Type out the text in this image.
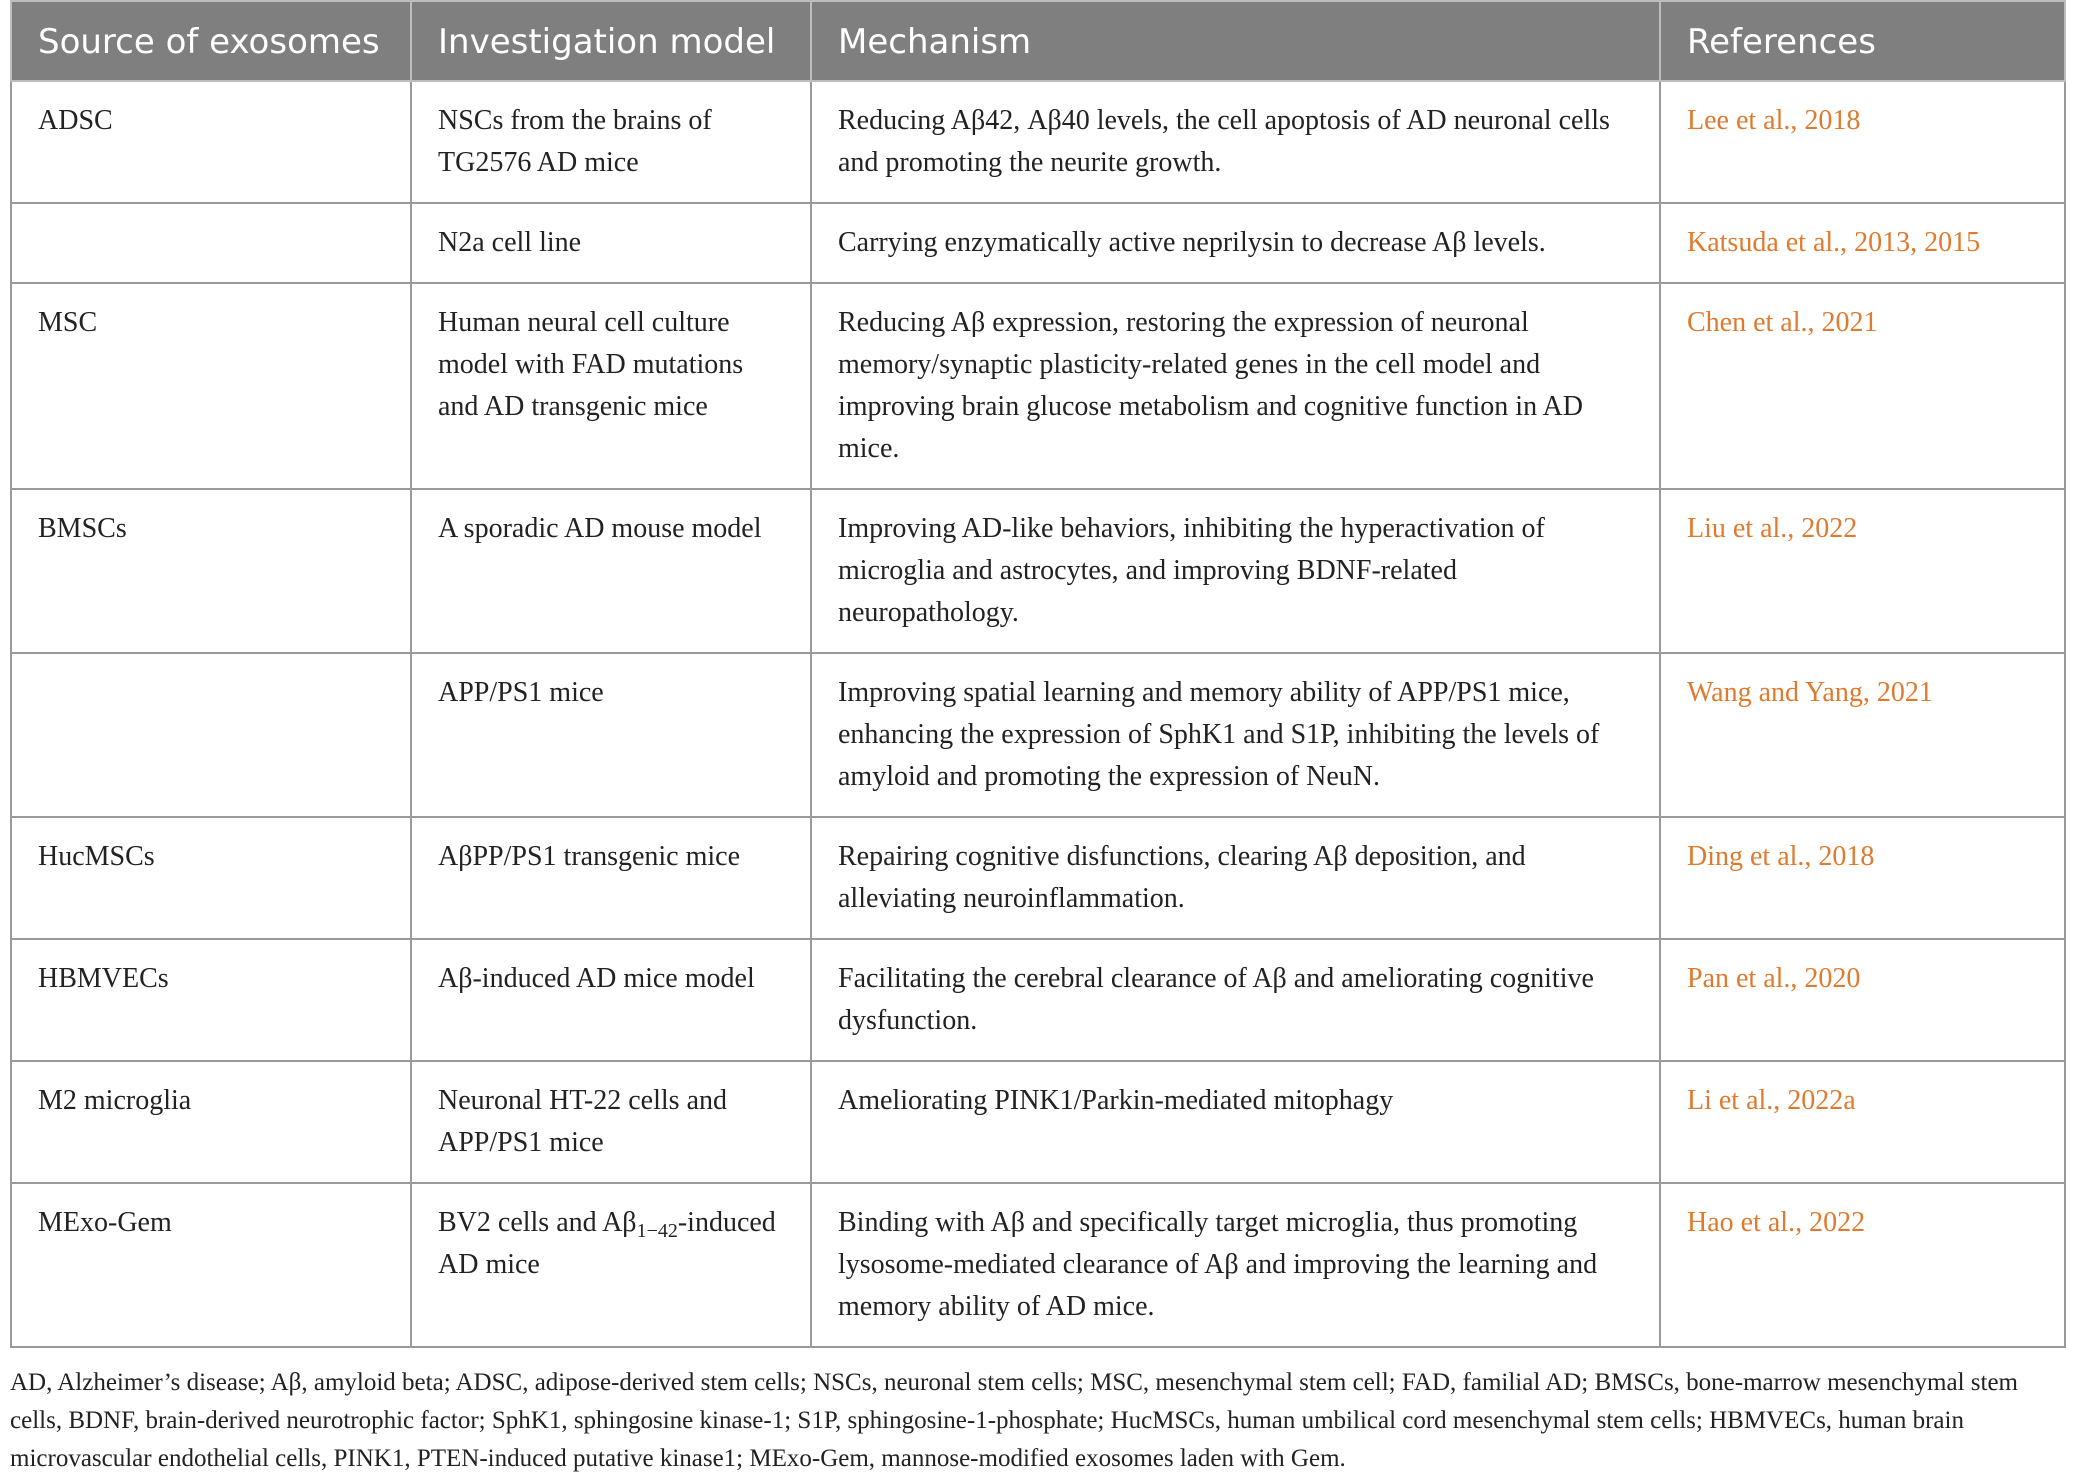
Source of exosomes	Investigation model	Mechanism	References
ADSC	NSCs from the brains of TG2576 AD mice	Reducing Aβ42, Aβ40 levels, the cell apoptosis of AD neuronal cells and promoting the neurite growth.	Lee et al., 2018
	N2a cell line	Carrying enzymatically active neprilysin to decrease Aβ levels.	Katsuda et al., 2013, 2015
MSC	Human neural cell culture model with FAD mutations and AD transgenic mice	Reducing Aβ expression, restoring the expression of neuronal memory/synaptic plasticity-related genes in the cell model and improving brain glucose metabolism and cognitive function in AD mice.	Chen et al., 2021
BMSCs	A sporadic AD mouse model	Improving AD-like behaviors, inhibiting the hyperactivation of microglia and astrocytes, and improving BDNF-related neuropathology.	Liu et al., 2022
	APP/PS1 mice	Improving spatial learning and memory ability of APP/PS1 mice, enhancing the expression of SphK1 and S1P, inhibiting the levels of amyloid and promoting the expression of NeuN.	Wang and Yang, 2021
HucMSCs	AβPP/PS1 transgenic mice	Repairing cognitive disfunctions, clearing Aβ deposition, and alleviating neuroinflammation.	Ding et al., 2018
HBMVECs	Aβ-induced AD mice model	Facilitating the cerebral clearance of Aβ and ameliorating cognitive dysfunction.	Pan et al., 2020
M2 microglia	Neuronal HT-22 cells and APP/PS1 mice	Ameliorating PINK1/Parkin-mediated mitophagy	Li et al., 2022a
MExo-Gem	BV2 cells and $A\beta_{1-42}$-induced AD mice	Binding with Aβ and specifically target microglia, thus promoting lysosome-mediated clearance of Aβ and improving the learning and memory ability of AD mice.	Hao et al., 2022
AD, Alzheimer’s disease; Aβ, amyloid beta; ADSC, adipose-derived stem cells; NSCs, neuronal stem cells; MSC, mesenchymal stem cell; FAD, familial AD; BMSCs, bone-marrow mesenchymal stem cells, BDNF, brain-derived neurotrophic factor; SphK1, sphingosine kinase-1; S1P, sphingosine-1-phosphate; HucMSCs, human umbilical cord mesenchymal stem cells; HBMVECs, human brain microvascular endothelial cells, PINK1, PTEN-induced putative kinase1; MExo-Gem, mannose-modified exosomes laden with Gem.
